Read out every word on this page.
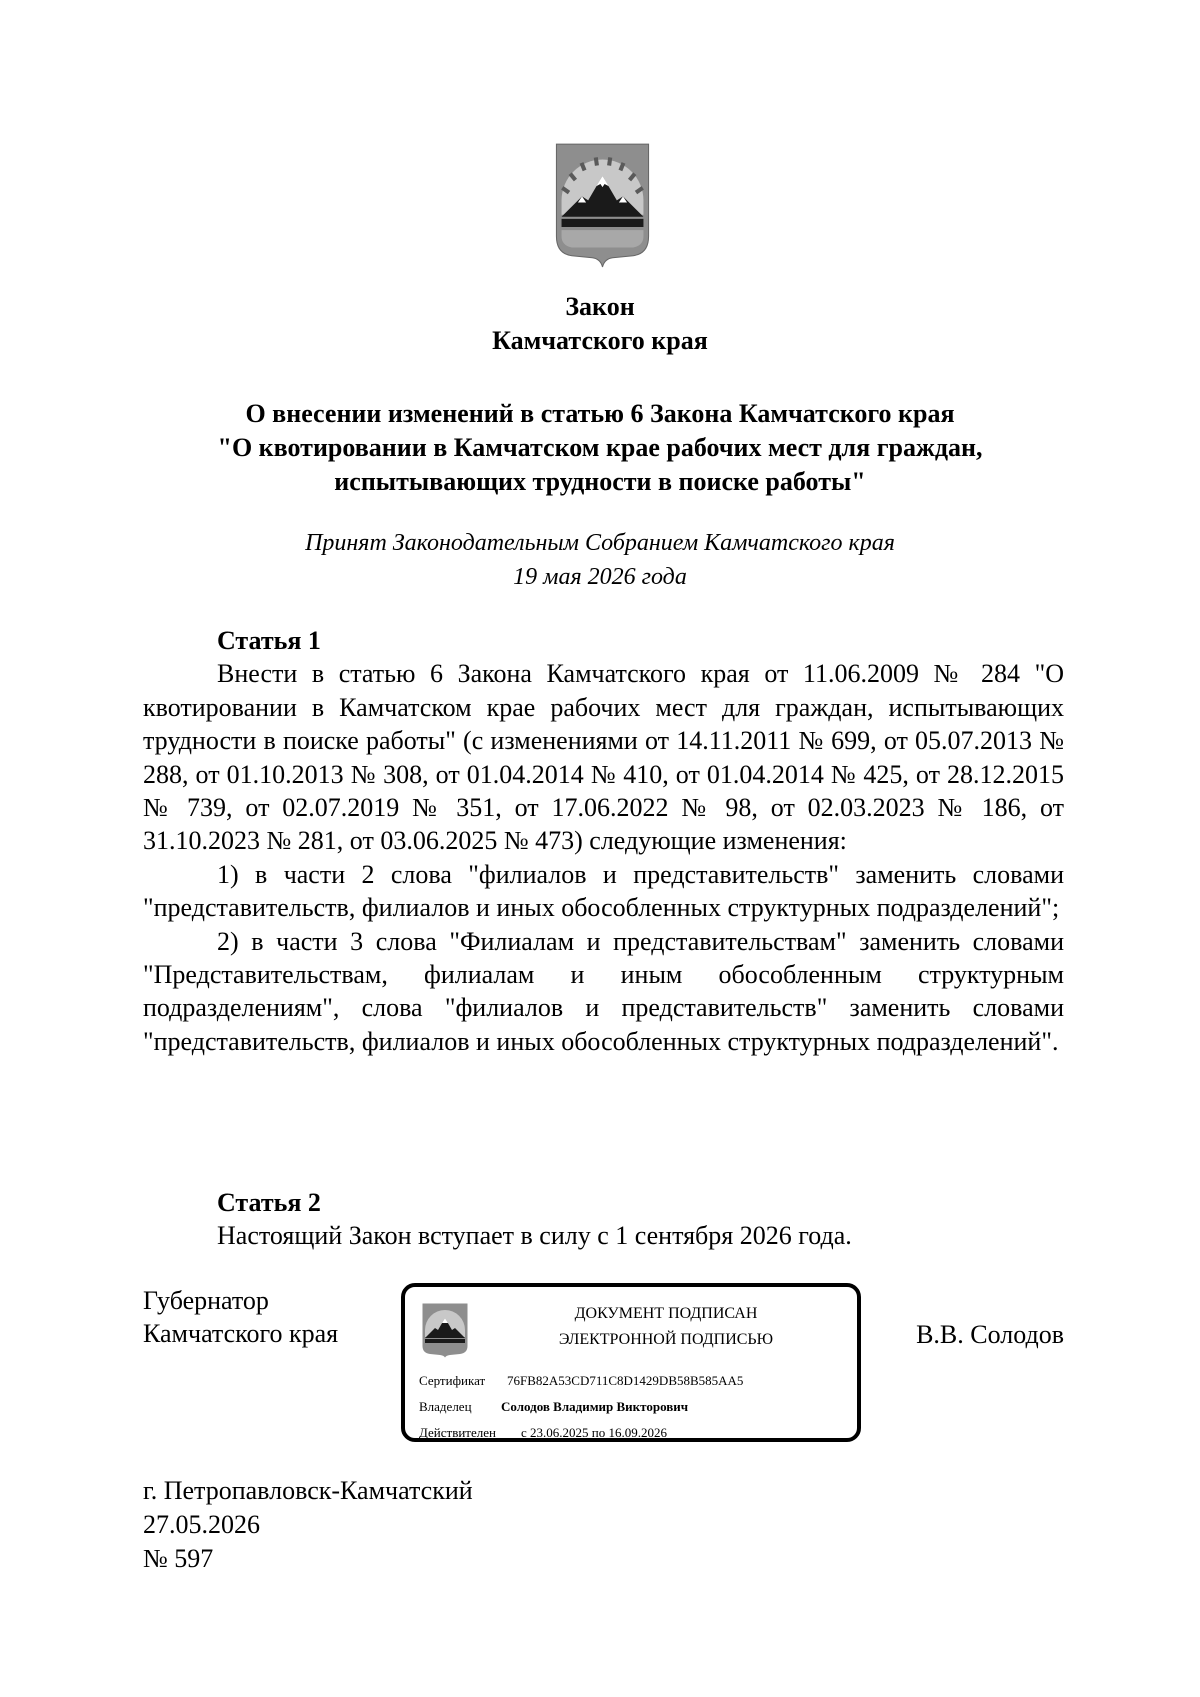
Закон
Камчатского края
О внесении изменений в статью 6 Закона Камчатского края
"О квотировании в Камчатском крае рабочих мест для граждан,
испытывающих трудности в поиске работы"
Принят Законодательным Собранием Камчатского края
19 мая 2026 года
Статья 1

Внести в статью 6 Закона Камчатского края от 11.06.2009 № 284 "О квотировании в Камчатском крае рабочих мест для граждан, испытывающих трудности в поиске работы" (с изменениями от 14.11.2011 № 699, от 05.07.2013 № 288, от 01.10.2013 № 308, от 01.04.2014 № 410, от 01.04.2014 № 425, от 28.12.2015 № 739, от 02.07.2019 № 351, от 17.06.2022 № 98, от 02.03.2023 № 186, от 31.10.2023 № 281, от 03.06.2025 № 473) следующие изменения:

1) в части 2 слова "филиалов и представительств" заменить словами "представительств, филиалов и иных обособленных структурных подразделений";

2) в части 3 слова "Филиалам и представительствам" заменить словами "Представительствам, филиалам и иным обособленным структурным подразделениям", слова "филиалов и представительств" заменить словами "представительств, филиалов и иных обособленных структурных подразделений".

Статья 2

Настоящий Закон вступает в силу с 1 сентября 2026 года.

Губернатор
Камчатского края
ДОКУМЕНТ ПОДПИСАН
ЭЛЕКТРОННОЙ ПОДПИСЬЮ
Сертификат 76FB82A53CD711C8D1429DB58B585AA5
Владелец Солодов Владимир Викторович
Действителен с 23.06.2025 по 16.09.2026
В.В. Солодов
г. Петропавловск-Камчатский
27.05.2026
№ 597
